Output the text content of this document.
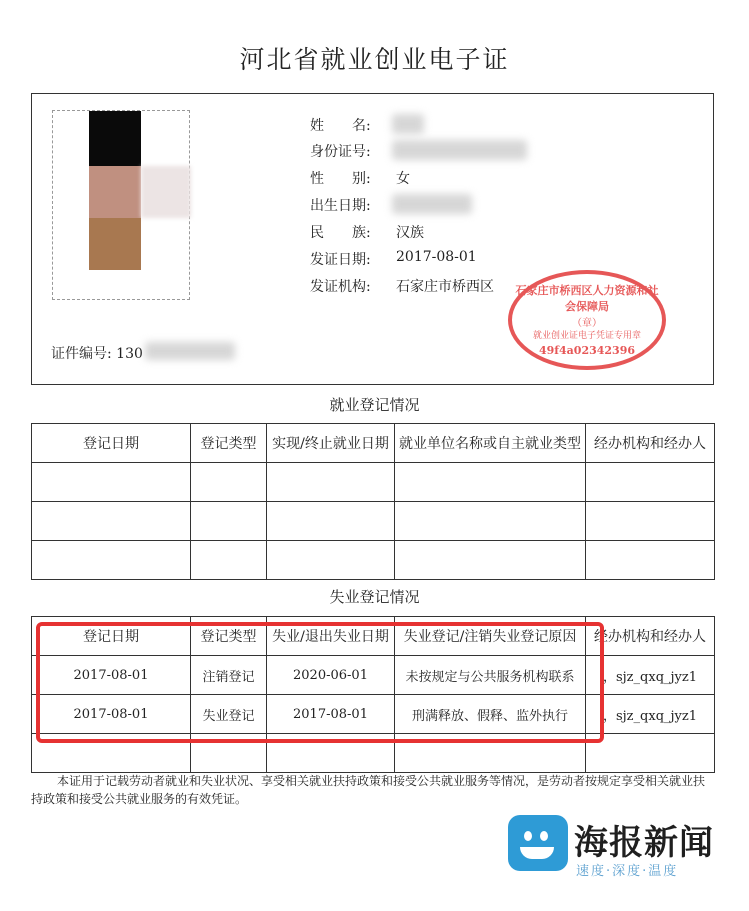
河北省就业创业电子证
姓　　名:
身份证号:
性　　别: 女
出生日期:
民　　族: 汉族
发证日期: 2017-08-01
发证机构: 石家庄市桥西区
证件编号: 130
石家庄市桥西区人力资源和社会保障局
（章）
就业创业证电子凭证专用章
49f4a02342396
就业登记情况
登记日期	登记类型	实现/终止就业日期	就业单位名称或自主就业类型	经办机构和经办人

失业登记情况
登记日期	登记类型	失业/退出失业日期	失业登记/注销失业登记原因	经办机构和经办人
2017-08-01	注销登记	2020-06-01	未按规定与公共服务机构联系	，sjz_qxq_jyz1
2017-08-01	失业登记	2017-08-01	刑满释放、假释、监外执行	，sjz_qxq_jyz1

本证用于记载劳动者就业和失业状况、享受相关就业扶持政策和接受公共就业服务等情况，是劳动者按规定享受相关就业扶持政策和接受公共就业服务的有效凭证。
海报新闻
速度·深度·温度
